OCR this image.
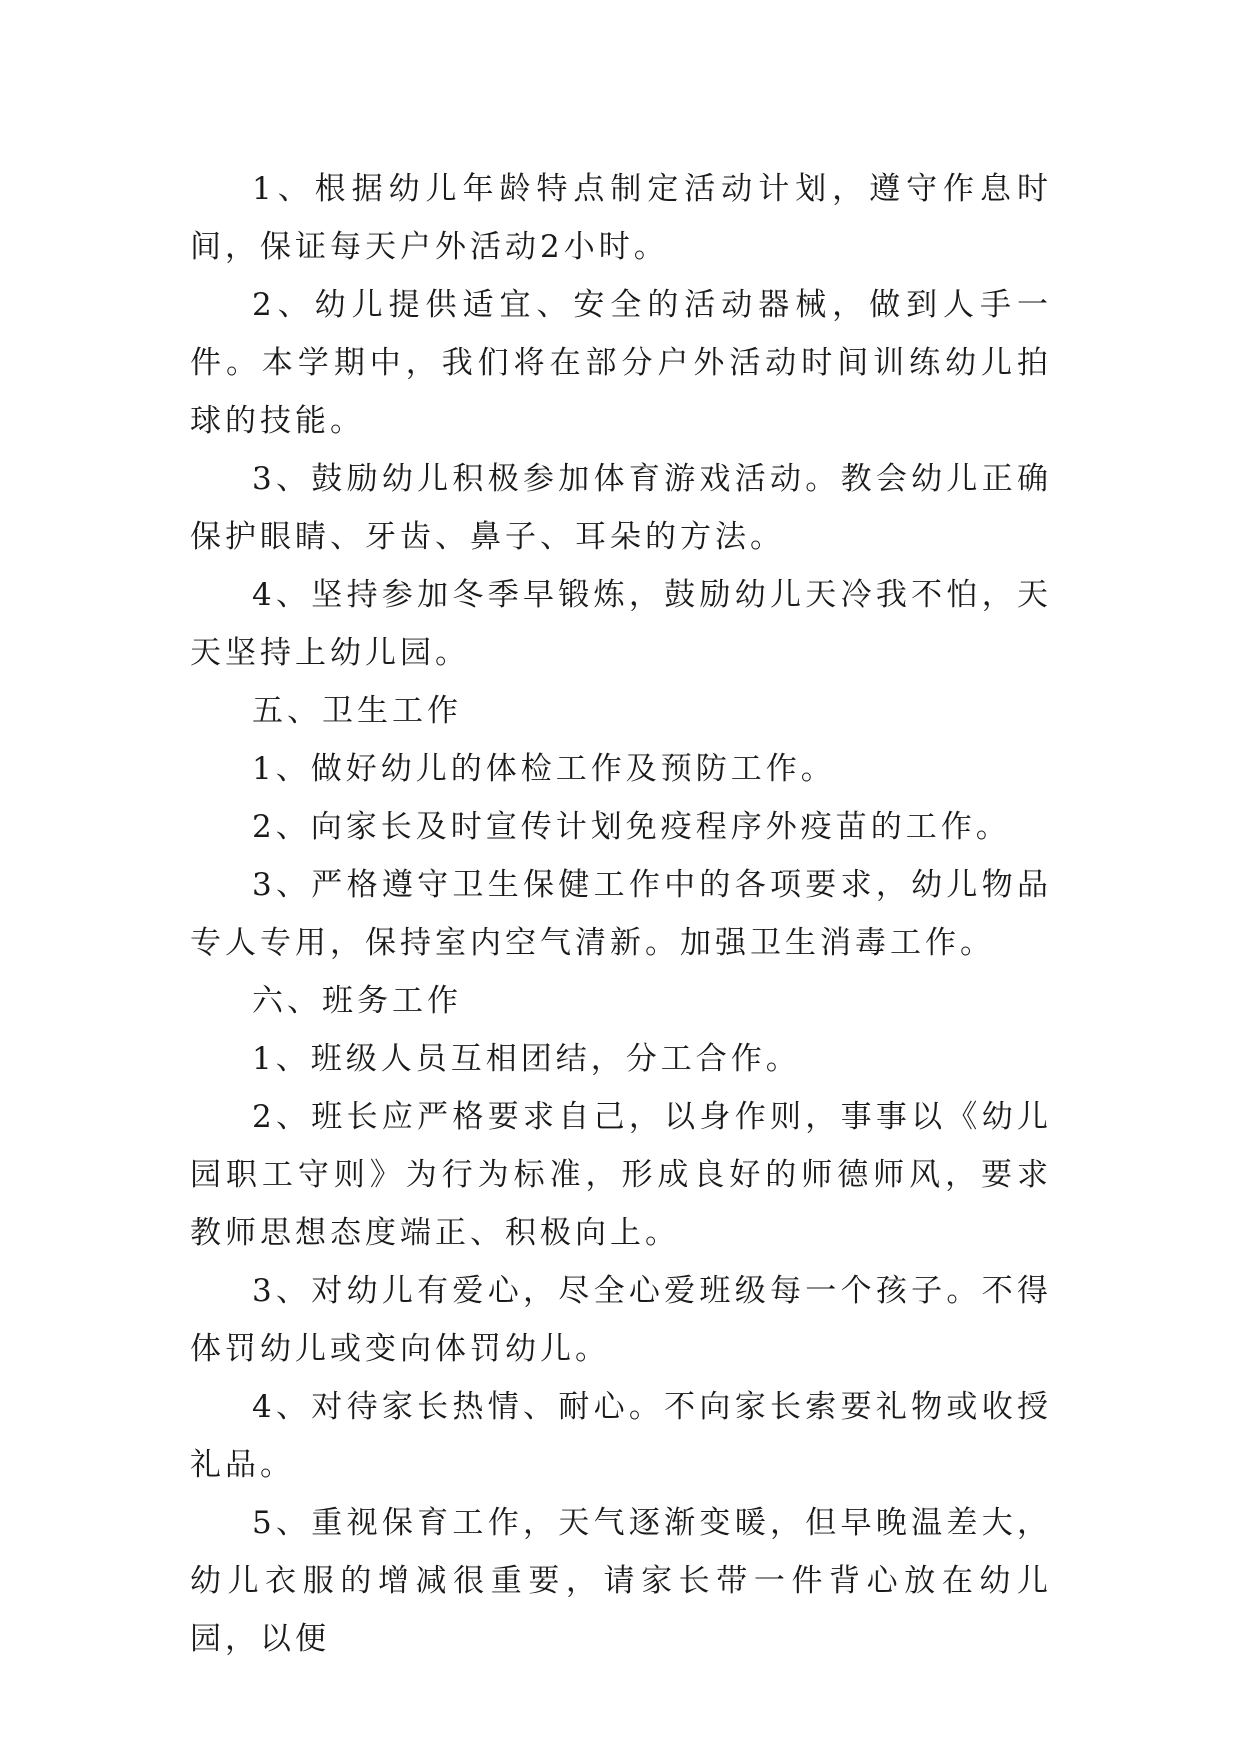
1、根据幼儿年龄特点制定活动计划，遵守作息时间，保证每天户外活动2小时。

2、幼儿提供适宜、安全的活动器械，做到人手一件。本学期中，我们将在部分户外活动时间训练幼儿拍球的技能。

3、鼓励幼儿积极参加体育游戏活动。教会幼儿正确保护眼睛、牙齿、鼻子、耳朵的方法。

4、坚持参加冬季早锻炼，鼓励幼儿天冷我不怕，天天坚持上幼儿园。

五、卫生工作

1、做好幼儿的体检工作及预防工作。

2、向家长及时宣传计划免疫程序外疫苗的工作。

3、严格遵守卫生保健工作中的各项要求，幼儿物品专人专用，保持室内空气清新。加强卫生消毒工作。

六、班务工作

1、班级人员互相团结，分工合作。

2、班长应严格要求自己，以身作则，事事以《幼儿园职工守则》为行为标准，形成良好的师德师风，要求教师思想态度端正、积极向上。

3、对幼儿有爱心，尽全心爱班级每一个孩子。不得体罚幼儿或变向体罚幼儿。

4、对待家长热情、耐心。不向家长索要礼物或收授礼品。

5、重视保育工作，天气逐渐变暖，但早晚温差大，幼儿衣服的增减很重要，请家长带一件背心放在幼儿园，以便
